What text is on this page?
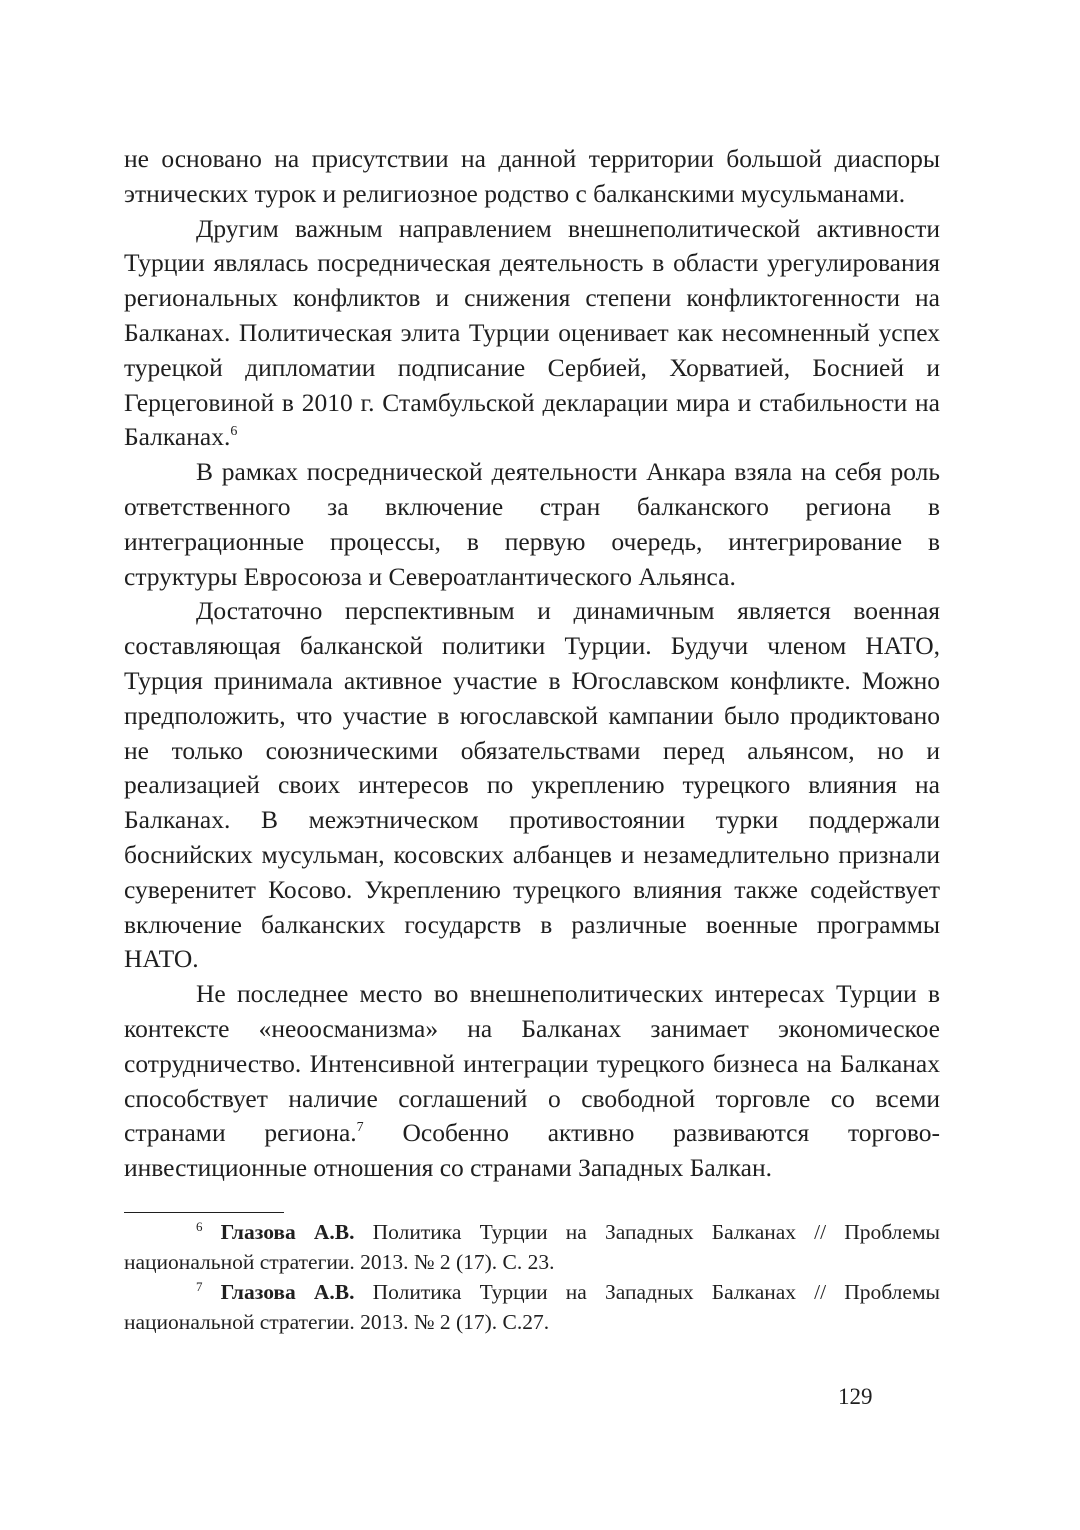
не основано на присутствии на данной территории большой диаспоры этнических турок и религиозное родство с балканскими мусульманами.

Другим важным направлением внешнеполитической активности Турции являлась посредническая деятельность в области урегулирования региональных конфликтов и снижения степени конфликтогенности на Балканах. Политическая элита Турции оценивает как несомненный успех турецкой дипломатии подписание Сербией, Хорватией, Боснией и Герцеговиной в 2010 г. Стамбульской декларации мира и стабильности на Балканах.$^6$

В рамках посреднической деятельности Анкара взяла на себя роль ответственного за включение стран балканского региона в интеграционные процессы, в первую очередь, интегрирование в структуры Евросоюза и Североатлантического Альянса.

Достаточно перспективным и динамичным является военная составляющая балканской политики Турции. Будучи членом НАТО, Турция принимала активное участие в Югославском конфликте. Можно предположить, что участие в югославской кампании было продиктовано не только союзническими обязательствами перед альянсом, но и реализацией своих интересов по укреплению турецкого влияния на Балканах. В межэтническом противостоянии турки поддержали боснийских мусульман, косовских албанцев и незамедлительно признали суверенитет Косово. Укреплению турецкого влияния также содействует включение балканских государств в различные военные программы НАТО.

Не последнее место во внешнеполитических интересах Турции в контексте «неоосманизма» на Балканах занимает экономическое сотрудничество. Интенсивной интеграции турецкого бизнеса на Балканах способствует наличие соглашений о свободной торговле со всеми странами региона.$^7$ Особенно активно развиваются торгово-инвестиционные отношения со странами Западных Балкан.

$^6$ Глазова А.В. Политика Турции на Западных Балканах // Проблемы национальной стратегии. 2013. № 2 (17). С. 23.

$^7$ Глазова А.В. Политика Турции на Западных Балканах // Проблемы национальной стратегии. 2013. № 2 (17). С.27.

129
